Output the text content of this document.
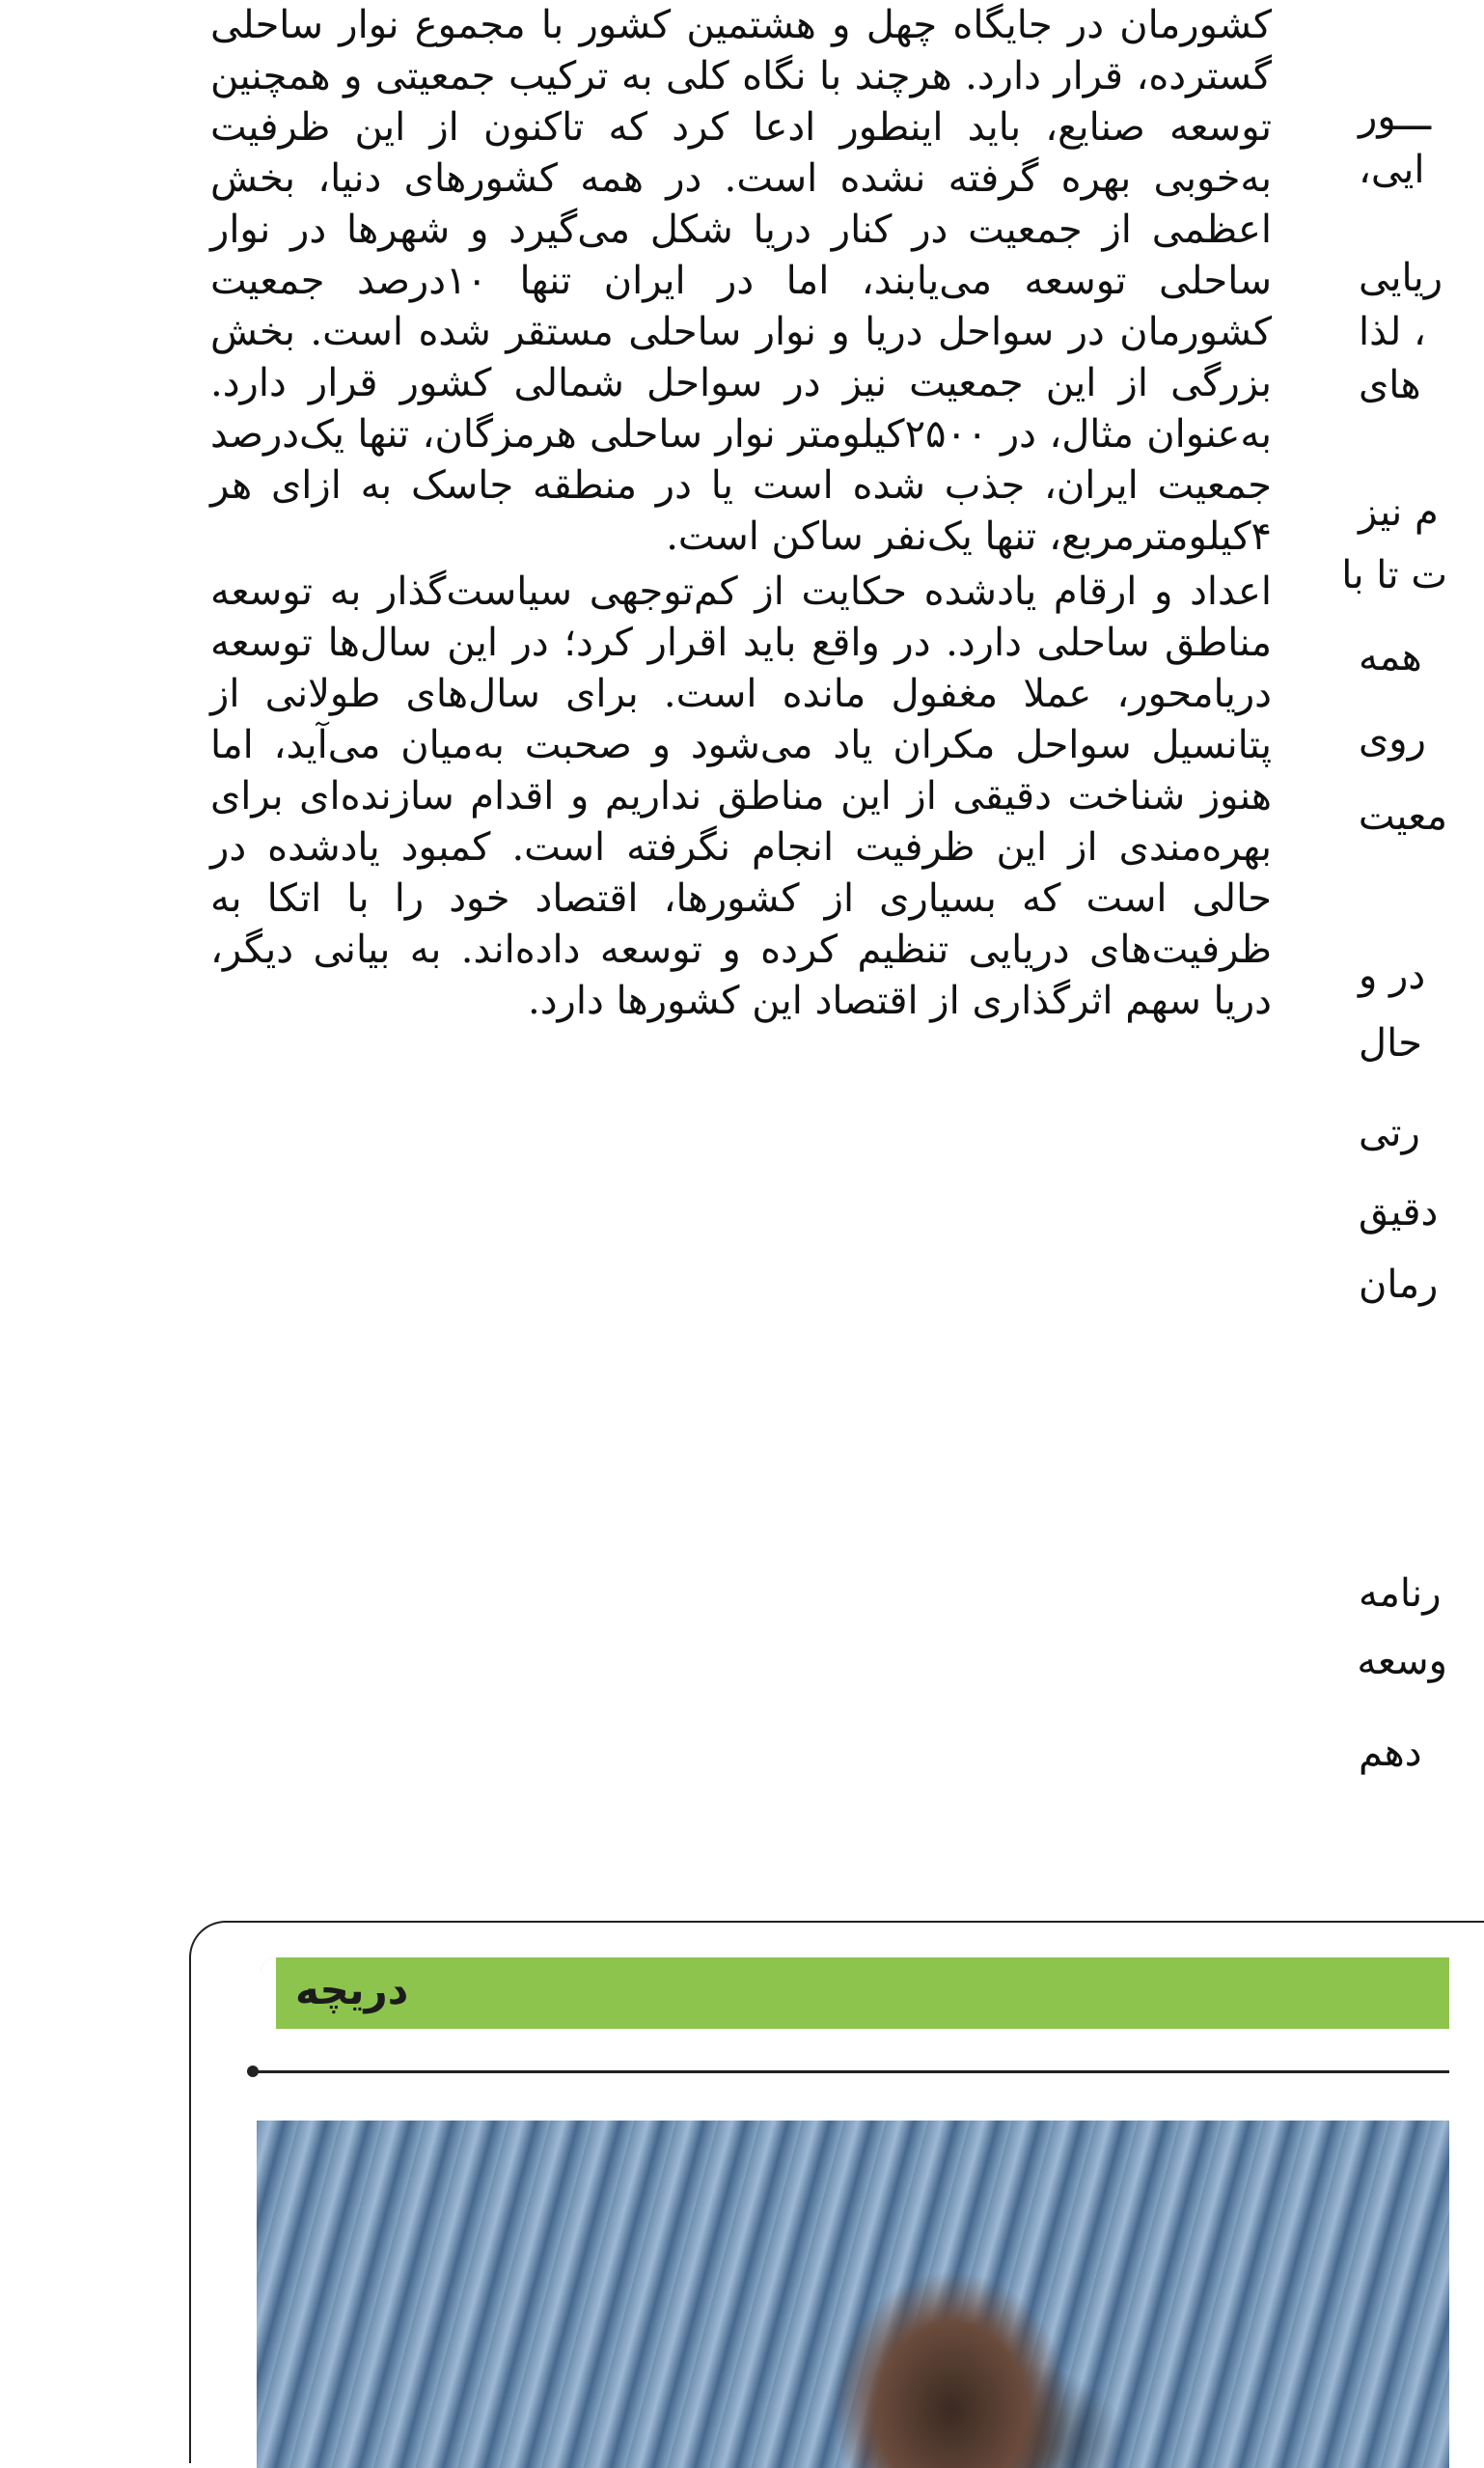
کشورمان در جایگاه چهل و هشتمین کشور با مجموع نوار ساحلی گسترده، قرار دارد. هرچند با نگاه کلی به ترکیب جمعیتی و همچنین توسعه صنایع، باید اینطور ادعا کرد که تاکنون از این ظرفیت به‌خوبی بهره گرفته نشده است. در همه کشورهای دنیا، بخش اعظمی از جمعیت در کنار دریا شکل می‌گیرد و شهرها در نوار ساحلی توسعه می‌یابند، اما در ایران تنها ۱۰درصد جمعیت کشورمان در سواحل دریا و نوار ساحلی مستقر شده است. بخش بزرگی از این جمعیت نیز در سواحل شمالی کشور قرار دارد. به‌عنوان مثال، در ۲۵۰۰کیلومتر نوار ساحلی هرمزگان، تنها یک‌درصد جمعیت ایران، جذب شده است یا در منطقه جاسک به ازای هر ۴کیلومترمربع، تنها یک‌نفر ساکن است.

اعداد و ارقام یادشده حکایت از کم‌توجهی سیاست‌گذار به توسعه مناطق ساحلی دارد. در واقع باید اقرار کرد؛ در این سال‌ها توسعه دریامحور، عملا مغفول مانده است. برای سال‌های طولانی از پتانسیل سواحل مکران یاد می‌شود و صحبت به‌میان می‌آید، اما هنوز شناخت دقیقی از این مناطق نداریم و اقدام سازنده‌ای برای بهره‌مندی از این ظرفیت انجام نگرفته است. کمبود یادشده در حالی است که بسیاری از کشورها، اقتصاد خود را با اتکا به ظرفیت‌های دریایی تنظیم کرده و توسعه داده‌اند. به بیانی دیگر، دریا سهم اثرگذاری از اقتصاد این کشورها دارد.

ـــور
ایی،
ریایی
، لذا
های
م نیز
ت تا با
همه
روی
معیت
در و
حال
رتی
دقیق
رمان
رنامه
وسعه
دهم
دریچه
